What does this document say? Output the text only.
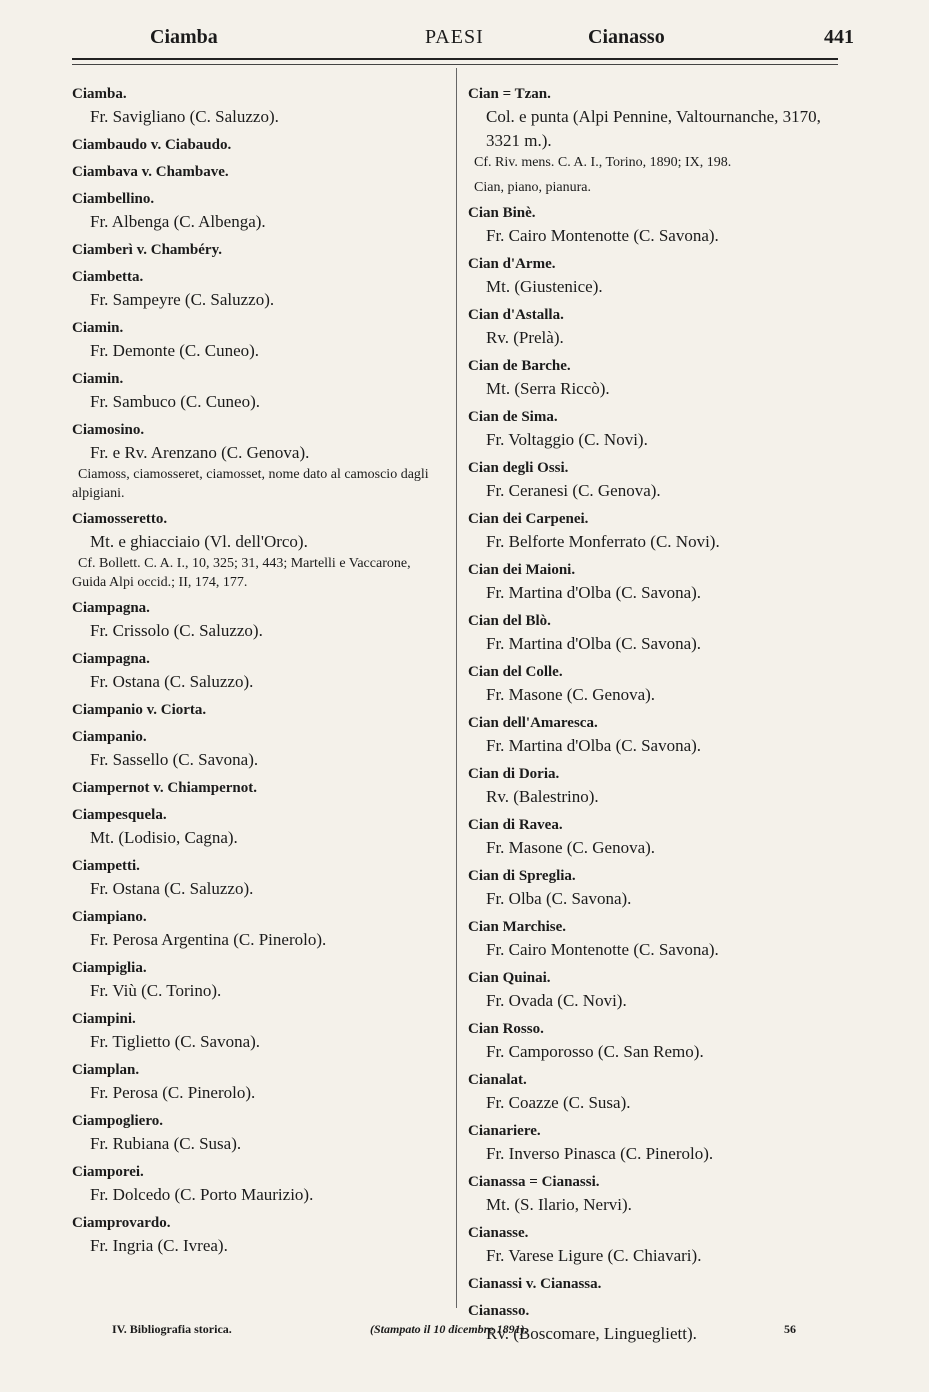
Ciamba	PAESI	Cianasso	441
Ciamba.
Fr. Savigliano (C. Saluzzo).
Ciambaudo v. Ciabaudo.
Ciambava v. Chambave.
Ciambellino.
Fr. Albenga (C. Albenga).
Ciamberì v. Chambéry.
Ciambetta.
Fr. Sampeyre (C. Saluzzo).
Ciamin.
Fr. Demonte (C. Cuneo).
Ciamin.
Fr. Sambuco (C. Cuneo).
Ciamosino.
Fr. e Rv. Arenzano (C. Genova).
Ciamoss, ciamosseret, ciamosset, nome dato al camoscio dagli alpigiani.
Ciamosseretto.
Mt. e ghiacciaio (Vl. dell'Orco).
Cf. Bollett. C. A. I., 10, 325; 31, 443; Martelli e Vaccarone, Guida Alpi occid.; II, 174, 177.
Ciampagna.
Fr. Crissolo (C. Saluzzo).
Ciampagna.
Fr. Ostana (C. Saluzzo).
Ciampanio v. Ciorta.
Ciampanio.
Fr. Sassello (C. Savona).
Ciampernot v. Chiampernot.
Ciampesquela.
Mt. (Lodisio, Cagna).
Ciampetti.
Fr. Ostana (C. Saluzzo).
Ciampiano.
Fr. Perosa Argentina (C. Pinerolo).
Ciampiglia.
Fr. Viù (C. Torino).
Ciampini.
Fr. Tiglietto (C. Savona).
Ciamplan.
Fr. Perosa (C. Pinerolo).
Ciampogliero.
Fr. Rubiana (C. Susa).
Ciamporei.
Fr. Dolcedo (C. Porto Maurizio).
Ciamprovardo.
Fr. Ingria (C. Ivrea).
Cian = Tzan.
Col. e punta (Alpi Pennine, Valtournanche, 3170, 3321 m.).
Cf. Riv. mens. C. A. I., Torino, 1890; IX, 198.
Cian, piano, pianura.
Cian Binè.
Fr. Cairo Montenotte (C. Savona).
Cian d'Arme.
Mt. (Giustenice).
Cian d'Astalla.
Rv. (Prelà).
Cian de Barche.
Mt. (Serra Riccò).
Cian de Sima.
Fr. Voltaggio (C. Novi).
Cian degli Ossi.
Fr. Ceranesi (C. Genova).
Cian dei Carpenei.
Fr. Belforte Monferrato (C. Novi).
Cian dei Maioni.
Fr. Martina d'Olba (C. Savona).
Cian del Blò.
Fr. Martina d'Olba (C. Savona).
Cian del Colle.
Fr. Masone (C. Genova).
Cian dell'Amaresca.
Fr. Martina d'Olba (C. Savona).
Cian di Doria.
Rv. (Balestrino).
Cian di Ravea.
Fr. Masone (C. Genova).
Cian di Spreglia.
Fr. Olba (C. Savona).
Cian Marchise.
Fr. Cairo Montenotte (C. Savona).
Cian Quinai.
Fr. Ovada (C. Novi).
Cian Rosso.
Fr. Camporosso (C. San Remo).
Cianalat.
Fr. Coazze (C. Susa).
Cianariere.
Fr. Inverso Pinasca (C. Pinerolo).
Cianassa = Cianassi.
Mt. (S. Ilario, Nervi).
Cianasse.
Fr. Varese Ligure (C. Chiavari).
Cianassi v. Cianassa.
Cianasso.
Rv. (Boscomare, Linguegliett).
IV. Bibliografia storica.	(Stampato il 10 dicembre 1891).	56
